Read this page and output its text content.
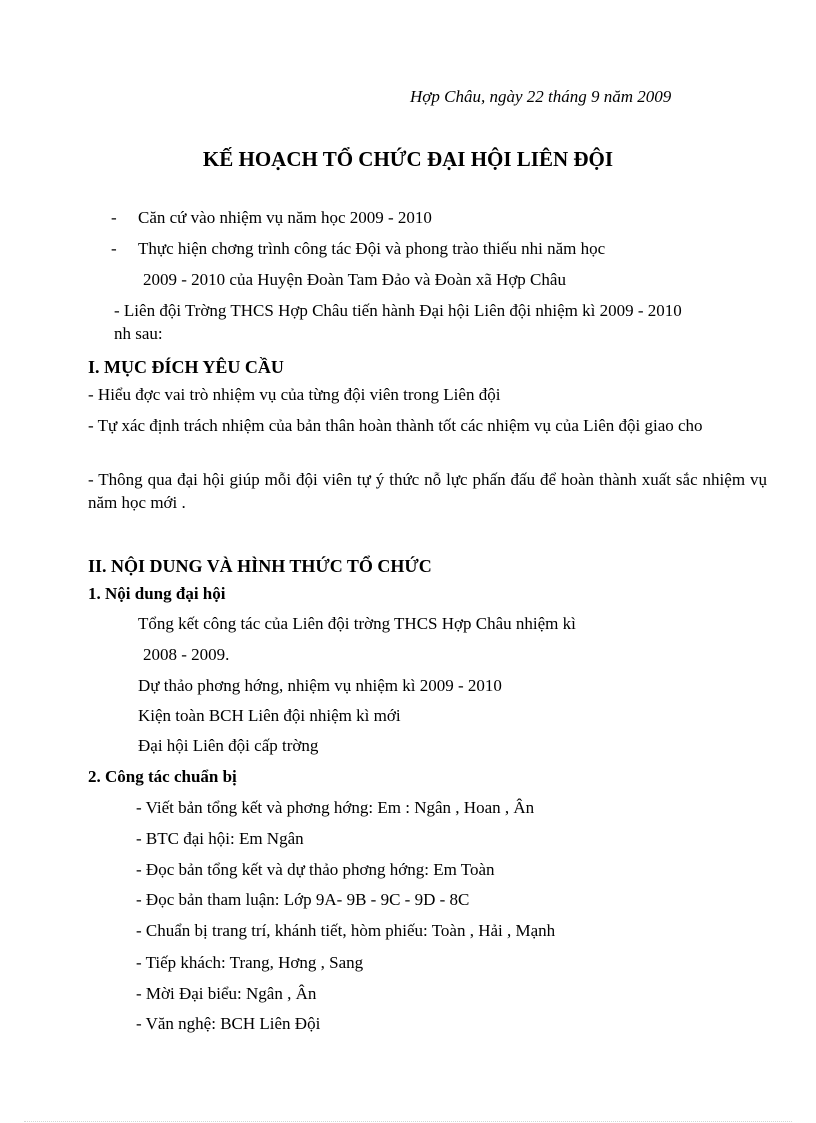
Hợp Châu, ngày 22 tháng 9 năm 2009
KẾ HOẠCH TỔ CHỨC ĐẠI HỘI LIÊN ĐỘI
- Căn cứ vào nhiệm vụ năm học 2009 - 2010
- Thực hiện chơng trình công tác Đội và phong trào thiếu nhi năm học
2009 - 2010 của Huyện Đoàn Tam Đảo và Đoàn xã Hợp Châu
- Liên đội Trờng THCS Hợp Châu tiến hành Đại hội Liên đội nhiệm kì 2009 - 2010
nh sau:
I. MỤC ĐÍCH YÊU CẦU
- Hiểu đợc vai trò nhiệm vụ của từng đội viên trong Liên đội
- Tự xác định trách nhiệm của bản thân hoàn thành tốt các nhiệm vụ của Liên đội giao cho
- Thông qua đại hội giúp mỗi đội viên tự ý thức nỗ lực phấn đấu để hoàn thành xuất sắc nhiệm vụ năm học mới .
II. NỘI DUNG VÀ HÌNH THỨC TỔ CHỨC
1. Nội dung đại hội
Tổng kết công tác của Liên đội trờng THCS Hợp Châu nhiệm kì
2008 - 2009.
Dự thảo phơng hớng, nhiệm vụ nhiệm kì 2009 - 2010
Kiện toàn BCH Liên đội nhiệm kì mới
Đại hội Liên đội cấp trờng
2. Công tác chuẩn bị
- Viết bản tổng kết và phơng hớng: Em : Ngân , Hoan , Ân
- BTC đại hội: Em Ngân
- Đọc bản tổng kết và dự thảo phơng hớng: Em Toàn
- Đọc bản tham luận: Lớp 9A- 9B - 9C - 9D - 8C
- Chuẩn bị trang trí, khánh tiết, hòm phiếu: Toàn , Hải , Mạnh
- Tiếp khách: Trang, Hơng , Sang
- Mời Đại biểu: Ngân , Ân
- Văn nghệ: BCH Liên Đội
